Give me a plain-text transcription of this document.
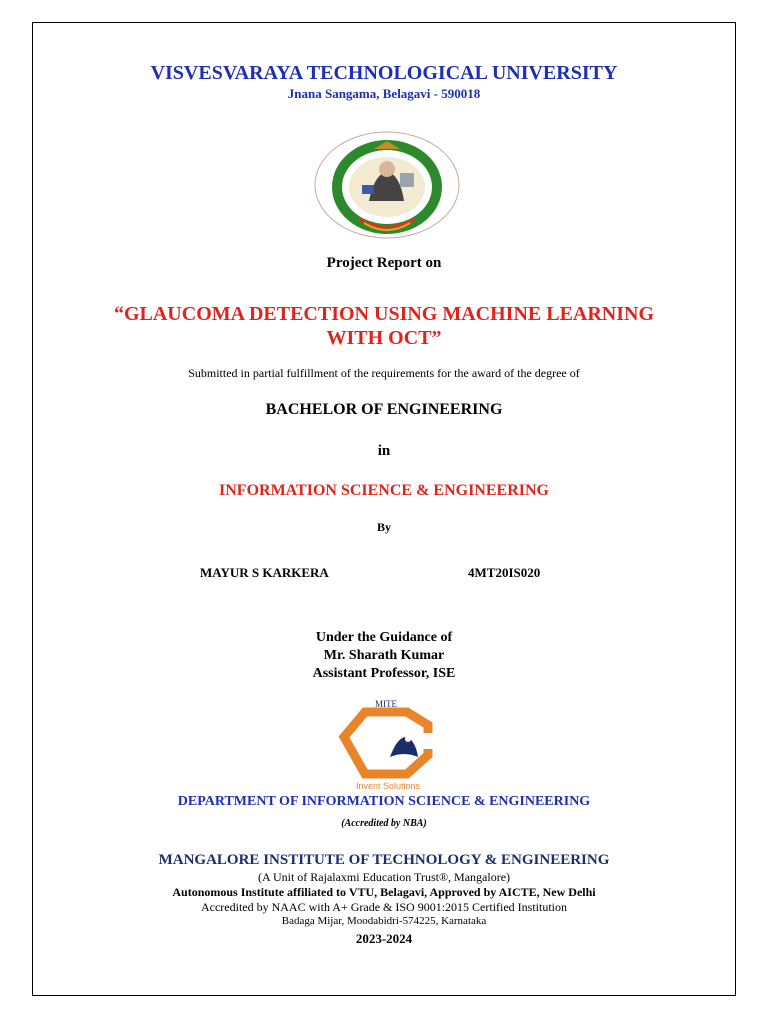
VISVESVARAYA TECHNOLOGICAL UNIVERSITY
Jnana Sangama, Belagavi - 590018
Project Report on
“GLAUCOMA DETECTION USING MACHINE LEARNING
WITH OCT”
Submitted in partial fulfillment of the requirements for the award of the degree of
BACHELOR OF ENGINEERING
in
INFORMATION SCIENCE & ENGINEERING
By
MAYUR S KARKERA	4MT20IS020
Under the Guidance of
Mr. Sharath Kumar
Assistant Professor, ISE
MITE
Invent Solutions
DEPARTMENT OF INFORMATION SCIENCE & ENGINEERING
(Accredited by NBA)
MANGALORE INSTITUTE OF TECHNOLOGY & ENGINEERING
(A Unit of Rajalaxmi Education Trust®, Mangalore)
Autonomous Institute affiliated to VTU, Belagavi, Approved by AICTE, New Delhi
Accredited by NAAC with A+ Grade & ISO 9001:2015 Certified Institution
Badaga Mijar, Moodabidri-574225, Karnataka
2023-2024
